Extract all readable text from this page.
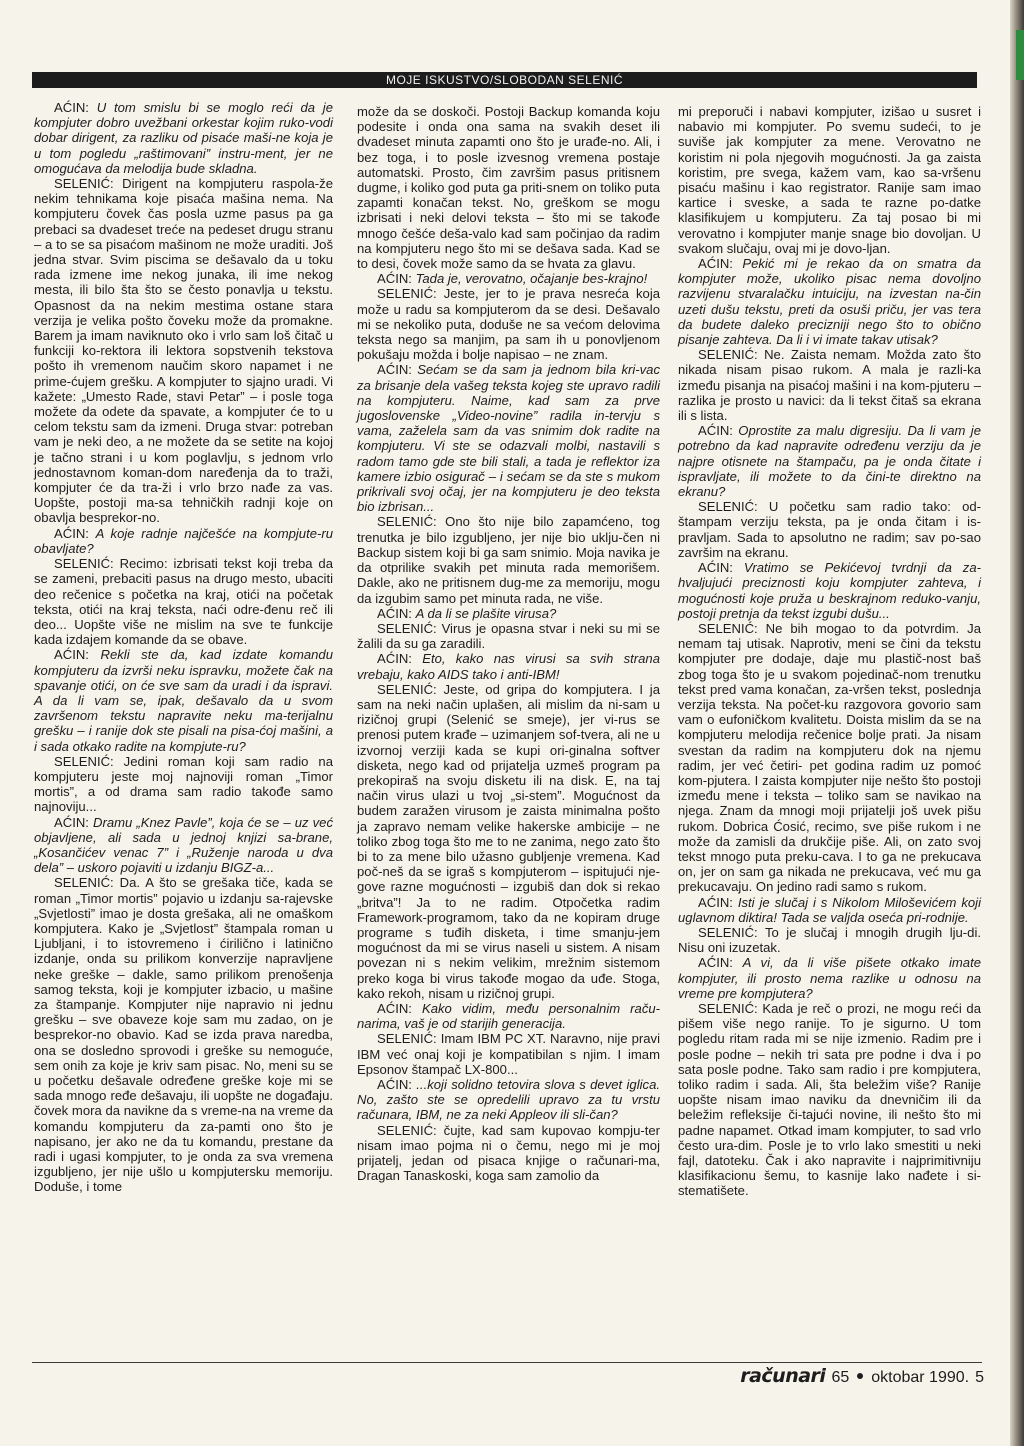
MOJE ISKUSTVO/SLOBODAN SELENIĆ

AĆIN: U tom smislu bi se moglo reći da je kompjuter dobro uvežbani orkestar kojim ruko-vodi dobar dirigent, za razliku od pisaće maši-ne koja je u tom pogledu „raštimovani” instru-ment, jer ne omogućava da melodija bude skladna.

SELENIĆ: Dirigent na kompjuteru raspola-že nekim tehnikama koje pisaća mašina nema. Na kompjuteru čovek čas posla uzme pasus pa ga prebaci sa dvadeset treće na pedeset drugu stranu – a to se sa pisaćom mašinom ne može uraditi. Još jedna stvar. Svim piscima se dešavalo da u toku rada izmene ime nekog junaka, ili ime nekog mesta, ili bilo šta što se često ponavlja u tekstu. Opasnost da na nekim mestima ostane stara verzija je velika pošto čoveku može da promakne. Barem ja imam naviknuto oko i vrlo sam loš čitač u funkciji ko-rektora ili lektora sopstvenih tekstova pošto ih vremenom naučim skoro napamet i ne prime-ćujem grešku. A kompjuter to sjajno uradi. Vi kažete: „Umesto Rade, stavi Petar” – i posle toga možete da odete da spavate, a kompjuter će to u celom tekstu sam da izmeni. Druga stvar: potreban vam je neki deo, a ne možete da se setite na kojoj je tačno strani i u kom poglavlju, s jednom vrlo jednostavnom koman-dom naređenja da to traži, kompjuter će da tra-ži i vrlo brzo nađe za vas. Uopšte, postoji ma-sa tehničkih radnji koje on obavlja besprekor-no.

AĆIN: A koje radnje najčešće na kompjute-ru obavljate?

SELENIĆ: Recimo: izbrisati tekst koji treba da se zameni, prebaciti pasus na drugo mesto, ubaciti deo rečenice s početka na kraj, otići na početak teksta, otići na kraj teksta, naći odre-đenu reč ili deo... Uopšte više ne mislim na sve te funkcije kada izdajem komande da se obave.

AĆIN: Rekli ste da, kad izdate komandu kompjuteru da izvrši neku ispravku, možete čak na spavanje otići, on će sve sam da uradi i da ispravi. A da li vam se, ipak, dešavalo da u svom završenom tekstu napravite neku ma-terijalnu grešku – i ranije dok ste pisali na pisa-ćoj mašini, a i sada otkako radite na kompjute-ru?

SELENIĆ: Jedini roman koji sam radio na kompjuteru jeste moj najnoviji roman „Timor mortis”, a od drama sam radio takođe samo najnoviju...

AĆIN: Dramu „Knez Pavle”, koja će se – uz već objavljene, ali sada u jednoj knjizi sa-brane, „Kosančićev venac 7” i „Ruženje naroda u dva dela” – uskoro pojaviti u izdanju BIGZ-a...

SELENIĆ: Da. A što se grešaka tiče, kada se roman „Timor mortis” pojavio u izdanju sa-rajevske „Svjetlosti” imao je dosta grešaka, ali ne omaškom kompjutera. Kako je „Svjetlost” štampala roman u Ljubljani, i to istovremeno i ćirilično i latinično izdanje, onda su prilikom konverzije napravljene neke greške – dakle, samo prilikom prenošenja samog teksta, koji je kompjuter izbacio, u mašine za štampanje. Kompjuter nije napravio ni jednu grešku – sve obaveze koje sam mu zadao, on je besprekor-no obavio. Kad se izda prava naredba, ona se dosledno sprovodi i greške su nemoguće, sem onih za koje je kriv sam pisac. No, meni su se u početku dešavale određene greške koje mi se sada mnogo ređe dešavaju, ili uopšte ne događaju. čovek mora da navikne da s vreme-na na vreme da komandu kompjuteru da za-pamti ono što je napisano, jer ako ne da tu komandu, prestane da radi i ugasi kompjuter, to je onda za sva vremena izgubljeno, jer nije ušlo u kompjutersku memoriju. Doduše, i tome

može da se doskoči. Postoji Backup komanda koju podesite i onda ona sama na svakih deset ili dvadeset minuta zapamti ono što je urađe-no. Ali, i bez toga, i to posle izvesnog vremena postaje automatski. Prosto, čim završim pasus pritisnem dugme, i koliko god puta ga priti-snem on toliko puta zapamti konačan tekst. No, greškom se mogu izbrisati i neki delovi teksta – što mi se takođe mnogo češće deša-valo kad sam počinjao da radim na kompjuteru nego što mi se dešava sada. Kad se to desi, čovek može samo da se hvata za glavu.

AĆIN: Tada je, verovatno, očajanje bes-krajno!

SELENIĆ: Jeste, jer to je prava nesreća koja može u radu sa kompjuterom da se desi. Dešavalo mi se nekoliko puta, doduše ne sa većom delovima teksta nego sa manjim, pa sam ih u ponovljenom pokušaju možda i bolje napisao – ne znam.

AĆIN: Sećam se da sam ja jednom bila kri-vac za brisanje dela vašeg teksta kojeg ste upravo radili na kompjuteru. Naime, kad sam za prve jugoslovenske „Video-novine” radila in-tervju s vama, zaželela sam da vas snimim dok radite na kompjuteru. Vi ste se odazvali molbi, nastavili s radom tamo gde ste bili stali, a tada je reflektor iza kamere izbio osigurač – i sećam se da ste s mukom prikrivali svoj očaj, jer na kompjuteru je deo teksta bio izbrisan...

SELENIĆ: Ono što nije bilo zapamćeno, tog trenutka je bilo izgubljeno, jer nije bio uklju-čen ni Backup sistem koji bi ga sam snimio. Moja navika je da otprilike svakih pet minuta rada memorišem. Dakle, ako ne pritisnem dug-me za memoriju, mogu da izgubim samo pet minuta rada, ne više.

AĆIN: A da li se plašite virusa?

SELENIĆ: Virus je opasna stvar i neki su mi se žalili da su ga zaradili.

AĆIN: Eto, kako nas virusi sa svih strana vrebaju, kako AIDS tako i anti-IBM!

SELENIĆ: Jeste, od gripa do kompjutera. I ja sam na neki način uplašen, ali mislim da ni-sam u rizičnoj grupi (Selenić se smeje), jer vi-rus se prenosi putem krađe – uzimanjem sof-tvera, ali ne u izvornoj verziji kada se kupi ori-ginalna softver disketa, nego kad od prijatelja uzmeš program pa prekopiraš na svoju disketu ili na disk. E, na taj način virus ulazi u tvoj „si-stem”. Mogućnost da budem zaražen virusom je zaista minimalna pošto ja zapravo nemam velike hakerske ambicije – ne toliko zbog toga što me to ne zanima, nego zato što bi to za mene bilo užasno gubljenje vremena. Kad poč-neš da se igraš s kompjuterom – ispitujući nje-gove razne mogućnosti – izgubiš dan dok si rekao „britva”! Ja to ne radim. Otpočetka radim Framework-programom, tako da ne kopiram druge programe s tuđih disketa, i time smanju-jem mogućnost da mi se virus naseli u sistem. A nisam povezan ni s nekim velikim, mrežnim sistemom preko koga bi virus takođe mogao da uđe. Stoga, kako rekoh, nisam u rizičnoj grupi.

AĆIN: Kako vidim, među personalnim raču-narima, vaš je od starijih generacija.

SELENIĆ: Imam IBM PC XT. Naravno, nije pravi IBM već onaj koji je kompatibilan s njim. I imam Epsonov štampač LX-800...

AĆIN: ...koji solidno tetovira slova s devet iglica. No, zašto ste se opredelili upravo za tu vrstu računara, IBM, ne za neki Appleov ili sli-čan?

SELENIĆ: čujte, kad sam kupovao kompju-ter nisam imao pojma ni o čemu, nego mi je moj prijatelj, jedan od pisaca knjige o računari-ma, Dragan Tanaskoski, koga sam zamolio da

mi preporuči i nabavi kompjuter, izišao u susret i nabavio mi kompjuter. Po svemu sudeći, to je suviše jak kompjuter za mene. Verovatno ne koristim ni pola njegovih mogućnosti. Ja ga zaista koristim, pre svega, kažem vam, kao sa-vršenu pisaću mašinu i kao registrator. Ranije sam imao kartice i sveske, a sada te razne po-datke klasifikujem u kompjuteru. Za taj posao bi mi verovatno i kompjuter manje snage bio dovoljan. U svakom slučaju, ovaj mi je dovo-ljan.

AĆIN: Pekić mi je rekao da on smatra da kompjuter može, ukoliko pisac nema dovoljno razvijenu stvaralačku intuiciju, na izvestan na-čin uzeti dušu tekstu, preti da osuši priču, jer vas tera da budete daleko precizniji nego što to obično pisanje zahteva. Da li i vi imate takav utisak?

SELENIĆ: Ne. Zaista nemam. Možda zato što nikada nisam pisao rukom. A mala je razli-ka između pisanja na pisaćoj mašini i na kom-pjuteru – razlika je prosto u navici: da li tekst čitaš sa ekrana ili s lista.

AĆIN: Oprostite za malu digresiju. Da li vam je potrebno da kad napravite određenu verziju da je najpre otisnete na štampaču, pa je onda čitate i ispravljate, ili možete to da čini-te direktno na ekranu?

SELENIĆ: U početku sam radio tako: od-štampam verziju teksta, pa je onda čitam i is-pravljam. Sada to apsolutno ne radim; sav po-sao završim na ekranu.

AĆIN: Vratimo se Pekićevoj tvrdnji da za-hvaljujući preciznosti koju kompjuter zahteva, i mogućnosti koje pruža u beskrajnom reduko-vanju, postoji pretnja da tekst izgubi dušu...

SELENIĆ: Ne bih mogao to da potvrdim. Ja nemam taj utisak. Naprotiv, meni se čini da tekstu kompjuter pre dodaje, daje mu plastič-nost baš zbog toga što je u svakom pojedinač-nom trenutku tekst pred vama konačan, za-vršen tekst, poslednja verzija teksta. Na počet-ku razgovora govorio sam vam o eufoničkom kvalitetu. Doista mislim da se na kompjuteru melodija rečenice bolje prati. Ja nisam svestan da radim na kompjuteru dok na njemu radim, jer već četiri- pet godina radim uz pomoć kom-pjutera. I zaista kompjuter nije nešto što postoji između menе i teksta – toliko sam se navikao na njega. Znam da mnogi moji prijatelji još uvek pišu rukom. Dobrica Ćosić, recimo, sve piše rukom i ne može da zamisli da drukčije piše. Ali, on zato svoj tekst mnogo puta preku-cava. I to ga ne prekucava on, jer on sam ga nikada ne prekucava, već mu ga prekucavaju. On jedino radi samo s rukom.

AĆIN: Isti je slučaj i s Nikolom Miloševićem koji uglavnom diktira! Tada se valjda oseća pri-rodnije.

SELENIĆ: To je slučaj i mnogih drugih lju-di. Nisu oni izuzetak.

AĆIN: A vi, da li više pišete otkako imate kompjuter, ili prosto nema razlike u odnosu na vreme pre kompjutera?

SELENIĆ: Kada je reč o prozi, ne mogu reći da pišem više nego ranije. To je sigurno. U tom pogledu ritam rada mi se nije izmenio. Radim pre i posle podne – nekih tri sata pre podne i dva i po sata posle podne. Tako sam radio i pre kompjutera, toliko radim i sada. Ali, šta beležim više? Ranije uopšte nisam imao naviku da dnevničim ili da beležim refleksije či-tajući novine, ili nešto što mi padne napamet. Otkad imam kompjuter, to sad vrlo često ura-dim. Posle je to vrlo lako smestiti u neki fajl, datoteku. Čak i ako napravite i najprimitivniju klasifikacionu šemu, to kasnije lako nađete i si-stematišete.

računari 65 oktobar 1990. 5
